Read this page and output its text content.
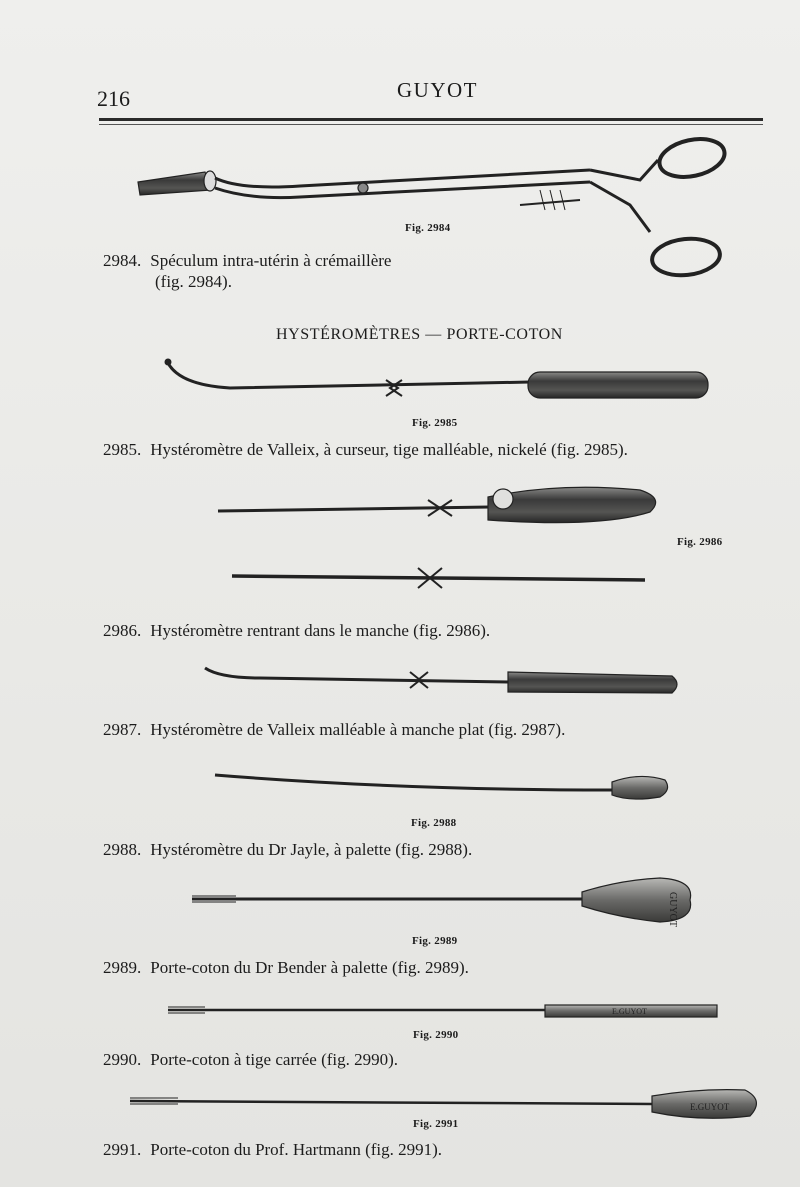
216	GUYOT
GUYOT
E.GUYOT
E.GUYOT
Fig. 2984
Fig. 2985
Fig. 2986
Fig. 2988
Fig. 2989
Fig. 2990
Fig. 2991
HYSTÉROMÈTRES — PORTE-COTON
2984. Spéculum intra-utérin à crémaillère
(fig. 2984).
2985. Hystéromètre de Valleix, à curseur, tige malléable, nickelé (fig. 2985).
2986. Hystéromètre rentrant dans le manche (fig. 2986).
2987. Hystéromètre de Valleix malléable à manche plat (fig. 2987).
2988. Hystéromètre du Dr Jayle, à palette (fig. 2988).
2989. Porte-coton du Dr Bender à palette (fig. 2989).
2990. Porte-coton à tige carrée (fig. 2990).
2991. Porte-coton du Prof. Hartmann (fig. 2991).
